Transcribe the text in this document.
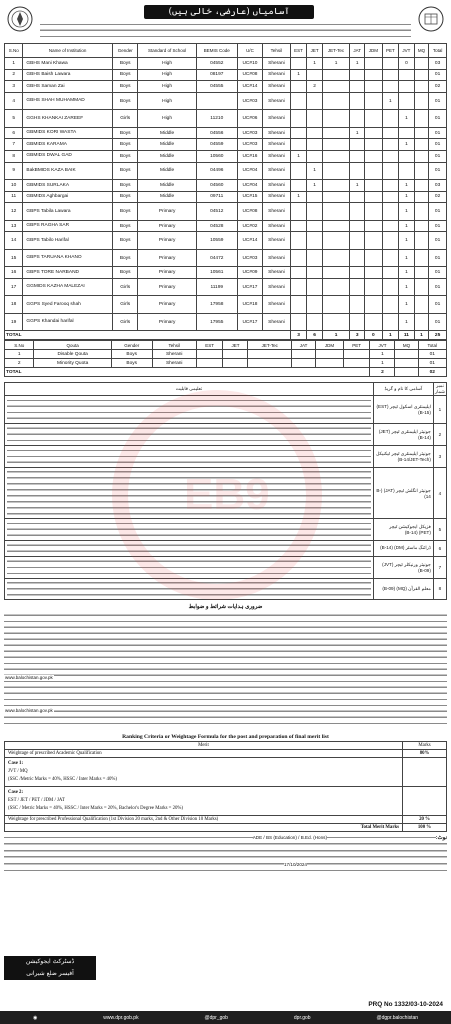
آسامیاں (عارضی، خالی ہیں)
S.No	Name of Institution	Gender	Standard of School	BEMIS Code	U/C	Tehsil	EST	JET	JET-Tec	JAT	JDM	PET	JVT	MQ	Total
1	GBHS Mani Khawa	Boys	High	04552	UC#10	Sherani		1	1	1			0		03
2	GBHS Baish Lawara	Boys	High	08197	UC#08	Sherani	1								01
3	GBHS Saman Zai	Boys	High	04555	UC#14	Sherani		2							02
4	GBHS SHAH MUHAMMAD	Boys	High		UC#03	Sherani						1			01
5	GGHS KHANKAI ZAREEF	Girls	High	11210	UC#06	Sherani							1		01
6	GBMIDS KORI WASTA	Boys	Middle	04556	UC#03	Sherani				1					01
7	GBMIDS KARAMA	Boys	Middle	04559	UC#03	Sherani							1		01
8	GBMIDS DWAL GAD	Boys	Middle	10560	UC#16	Sherani	1								01
9	BakBMIDS KAZA BAIK	Boys	Middle	04496	UC#04	Sherani		1							01
10	GBMIDS SURLAKA	Boys	Middle	04560	UC#04	Sherani		1		1			1		03
11	GBMIDS Aghbargai	Boys	Middle	09711	UC#15	Sherani	1						1		02
12	GBPS Tabila Lawara	Boys	Primary	04512	UC#08	Sherani							1		01
13	GBPS RAGHA SAR	Boys	Primary	04528	UC#02	Sherani							1		01
14	GBPS Tabilo Harifal	Boys	Primary	10559	UC#14	Sherani							1		01
15	GBPS TARUANA KHANO	Boys	Primary	04472	UC#03	Sherani							1		01
16	GBPS TORE NARBAND	Boys	Primary	10561	UC#09	Sherani							1		01
17	GGMIDS KAZHA MALEZAI	Girls	Primary	11199	UC#17	Sherani							1		01
18	GGPS Syed Farooq shah	Girls	Primary	17958	UC#18	Sherani							1		01
19	GGPS Khandai harifal	Girls	Primary	17955	UC#17	Sherani							1		01
TOTAL							3	6	1	3	0	1	11	1	25
S.No	Qouta	Gender	Tehsil	EST	JET	JET-Tec	JAT	JDM	PET	JVT	MQ	Total
1	Disable Qouta	Boys	Sherani							1		01
2	Minority Quota	Boys	Sherani							1		01
TOTAL										2		02
تعلیمی قابلیت	آسامی کا نام و گریڈ	نمبر شمار

	ایلیمنٹری اسکول ٹیچر (EST) (B-15)	1

	جونیئر ایلیمنٹری ٹیچر (JET) (B-14)	2

	جونیئر ایلیمنٹری ٹیچر ٹیکنیکل (B-14/JET-Tech)	3

	جونیئر انگلش ٹیچر (JAT) (B-14)	4

	فزیکل ایجوکیشن ٹیچر (PET) (B-14)	5

	ڈرائنگ ماسٹر (DM) (B-14)	6

	جونیئر ورنیکلر ٹیچر (JVT) (B-09)	7

	معلم القرآن (MQ) (B-09)	8
ضروری ہدایات شرائط و ضوابط
www.balochistan.gov.pk
www.balochistan.gov.pk
Ranking Criteria or Weightage Formula for the post and preparation of final merit list	
Merit	Marks
Weightage of prescribed Academic Qualification	80%

Case 1:
JVT / MQ
(SSC /Metric Marks = 40%, HSSC / Inter Marks = 40%)	

Case 2:
EST / JET / PET / JDM / JAT
(SSC / Metric Marks = 40%, HSSC / Inter Marks = 20%, Bachelor's Degree Marks = 20%)	

Weightage for prescribed Professional Qualification (1st Division 20 marks, 2nd & Other Division 10 Marks)	20 %
Total Merit Marks	100 %
نوٹ:
ADE / BS (Education) / B.Ed. (Hons)
17/10/2024
ڈسٹرکٹ ایجوکیشن
آفیسر ضلع شیرانی
PRQ No 1332/03-10-2024
◉	www.dpr.gob.pk	@dpr_gob	dpr.gob	@dgpr.balochistan
